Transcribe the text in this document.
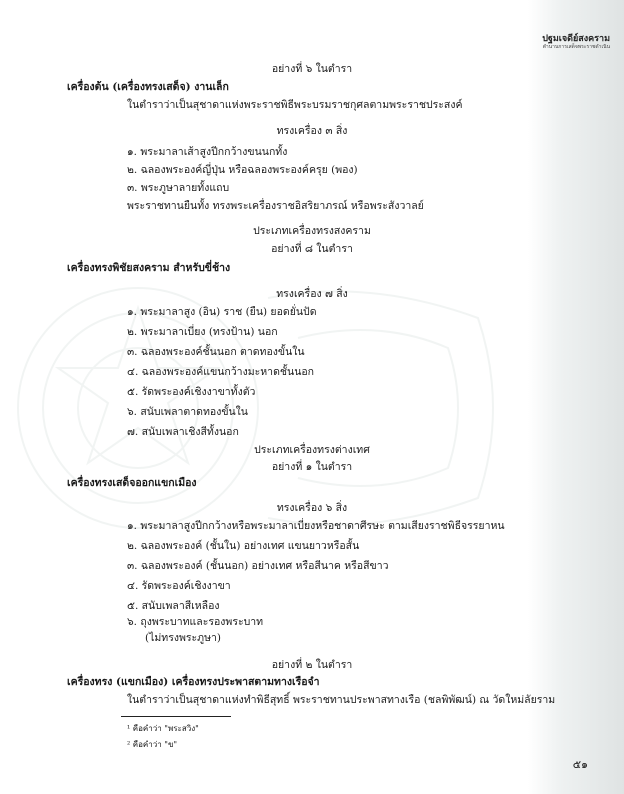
ปฐมเจดีย์สงคราม
ตำนานการเสด็จพระราชดำเนิน
อย่างที่ ๖ ในตำรา
เครื่องต้น (เครื่องทรงเสด็จ) งานเล็ก
ในตำราว่าเป็นสุชาดาแห่งพระราชพิธีพระบรมราชกุศลตามพระราชประสงค์
ทรงเครื่อง ๓ สิ่ง
๑. พระมาลาเส้าสูงปีกกว้างขนนกทั้ง
๒. ฉลองพระองค์ญี่ปุ่น หรือฉลองพระองค์ครุย (พอง)
๓. พระภูษาลายทั้งแถบ
พระราชทานยืนทั้ง ทรงพระเครื่องราชอิสริยาภรณ์ หรือพระสังวาลย์
ประเภทเครื่องทรงสงคราม
อย่างที่ ๘ ในตำรา
เครื่องทรงพิชัยสงคราม สำหรับขี่ช้าง
ทรงเครื่อง ๗ สิ่ง
๑. พระมาลาสูง (อิน) ราช (ยืน) ยอดยั่นปัด
๒. พระมาลาเบี่ยง (ทรงป้าน) นอก
๓. ฉลองพระองค์ชั้นนอก ตาดทองขั้นใน
๔. ฉลองพระองค์แขนกว้างมะหาดชั้นนอก
๕. รัดพระองค์เชิงงาขาทั้งตัว
๖. สนับเพลาตาดทองขั้นใน
๗. สนับเพลาเชิงสีทั้งนอก
ประเภทเครื่องทรงต่างเทศ
อย่างที่ ๑ ในตำรา
เครื่องทรงเสด็จออกแขกเมือง
ทรงเครื่อง ๖ สิ่ง
๑. พระมาลาสูงปีกกว้างหรือพระมาลาเบี่ยงหรือชาดาศีรษะ ตามเสียงราชพิธีจรรยาหน
๒. ฉลองพระองค์ (ชั้นใน) อย่างเทศ แขนยาวหรือสั้น
๓. ฉลองพระองค์ (ชั้นนอก) อย่างเทศ หรือสีนาค หรือสีขาว
๔. รัดพระองค์เชิงงาขา
๕. สนับเพลาสีเหลือง
๖. ถุงพระบาทและรองพระบาท
(ไม่ทรงพระภูษา)
อย่างที่ ๒ ในตำรา
เครื่องทรง (แขกเมือง) เครื่องทรงประพาสตามทางเรือจำ
ในตำราว่าเป็นสุชาดาแห่งทำพิธีสุทธิ์ พระราชทานประพาสทางเรือ (ชลพิพัฒน์) ณ วัดใหม่ลัยราม
¹ คือคำว่า "พระสวิง"
² คือคำว่า "ข"
๕๑
